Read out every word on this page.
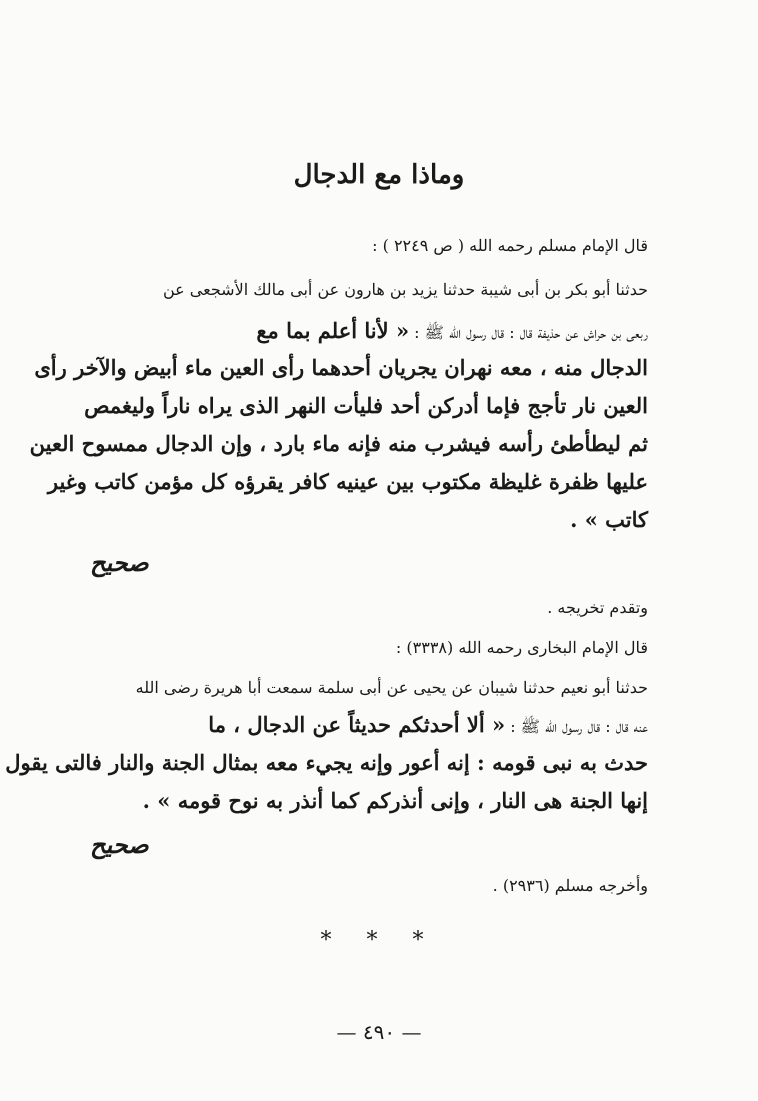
وماذا مع الدجال
قال الإمام مسلم رحمه الله ( ص ٢٢٤٩ ) :
حدثنا أبو بكر بن أبى شيبة حدثنا يزيد بن هارون عن أبى مالك الأشجعى عن
ربعى بن حراش عن حذيفة قال : قال رسول الله ﷺ : « لأنا أعلم بما مع
الدجال منه ، معه نهران يجريان أحدهما رأى العين ماء أبيض والآخر رأى
العين نار تأجج فإما أدركن أحد فليأت النهر الذى يراه ناراً وليغمص
ثم ليطأطئ رأسه فيشرب منه فإنه ماء بارد ، وإن الدجال ممسوح العين
عليها ظفرة غليظة مكتوب بين عينيه كافر يقرؤه كل مؤمن كاتب وغير
كاتب » .
صحيح
وتقدم تخريجه .
قال الإمام البخارى رحمه الله (٣٣٣٨) :
حدثنا أبو نعيم حدثنا شيبان عن يحيى عن أبى سلمة سمعت أبا هريرة رضى الله
عنه قال : قال رسول الله ﷺ : « ألا أحدثكم حديثاً عن الدجال ، ما
حدث به نبى قومه : إنه أعور وإنه يجيء معه بمثال الجنة والنار فالتى يقول
إنها الجنة هى النار ، وإنى أنذركم كما أنذر به نوح قومه » .
صحيح
وأخرجه مسلم (٢٩٣٦) .
* * *
— ٤٩٠ —
